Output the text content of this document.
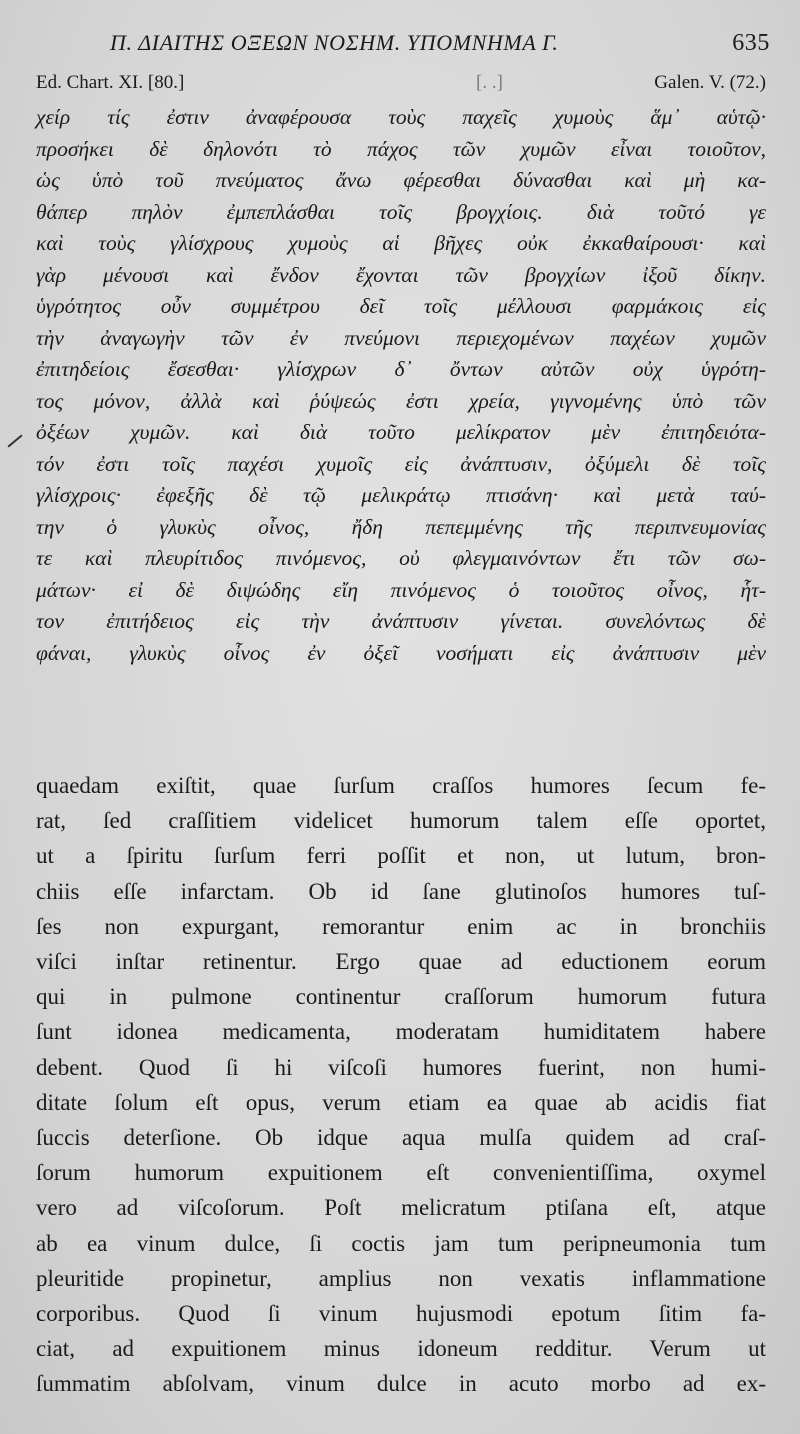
Π. ΔΙΑΙΤΗΣ ΟΞΕΩΝ ΝΟΣΗΜ. ΥΠΟΜΝΗΜΑ Γ.	635
Ed. Chart. XI. [80.]	[. .]	Galen. V. (72.)
χείρ τίς ἐστιν ἀναφέρουσα τοὺς παχεῖς χυμοὺς ἅμ᾽ αὑτῷ·
προσήκει δὲ δηλονότι τὸ πάχος τῶν χυμῶν εἶναι τοιοῦτον,
ὡς ὑπὸ τοῦ πνεύματος ἄνω φέρεσθαι δύνασθαι καὶ μὴ κα-
θάπερ πηλὸν ἐμπεπλάσθαι τοῖς βρογχίοις. διὰ τοῦτό γε
καὶ τοὺς γλίσχρους χυμοὺς αἱ βῆχες οὐκ ἐκκαθαίρουσι· καὶ
γὰρ μένουσι καὶ ἔνδον ἔχονται τῶν βρογχίων ἰξοῦ δίκην.
ὑγρότητος οὖν συμμέτρου δεῖ τοῖς μέλλουσι φαρμάκοις εἰς
τὴν ἀναγωγὴν τῶν ἐν πνεύμονι περιεχομένων παχέων χυμῶν
ἐπιτηδείοις ἔσεσθαι· γλίσχρων δ᾽ ὄντων αὐτῶν οὐχ ὑγρότη-
τος μόνον, ἀλλὰ καὶ ῥύψεώς ἐστι χρεία, γιγνομένης ὑπὸ τῶν
ὀξέων χυμῶν. καὶ διὰ τοῦτο μελίκρατον μὲν ἐπιτηδειότα-
τόν ἐστι τοῖς παχέσι χυμοῖς εἰς ἀνάπτυσιν, ὀξύμελι δὲ τοῖς
γλίσχροις· ἐφεξῆς δὲ τῷ μελικράτῳ πτισάνη· καὶ μετὰ ταύ-
την ὁ γλυκὺς οἶνος, ἤδη πεπεμμένης τῆς περιπνευμονίας
τε καὶ πλευρίτιδος πινόμενος, οὐ φλεγμαινόντων ἔτι τῶν σω-
μάτων· εἰ δὲ διψώδης εἴη πινόμενος ὁ τοιοῦτος οἶνος, ἧτ-
τον ἐπιτήδειος εἰς τὴν ἀνάπτυσιν γίνεται. συνελόντως δὲ
φάναι, γλυκὺς οἶνος ἐν ὀξεῖ νοσήματι εἰς ἀνάπτυσιν μὲν
quaedam exiſtit, quae ſurſum craſſos humores ſecum fe-
rat, ſed craſſitiem videlicet humorum talem eſſe oportet,
ut a ſpiritu ſurſum ferri poſſit et non, ut lutum, bron-
chiis eſſe infarctam. Ob id ſane glutinoſos humores tuſ-
ſes non expurgant, remorantur enim ac in bronchiis
viſci inſtar retinentur. Ergo quae ad eductionem eorum
qui in pulmone continentur craſſorum humorum futura
ſunt idonea medicamenta, moderatam humiditatem habere
debent. Quod ſi hi viſcoſi humores fuerint, non humi-
ditate ſolum eſt opus, verum etiam ea quae ab acidis fiat
ſuccis deterſione. Ob idque aqua mulſa quidem ad craſ-
ſorum humorum expuitionem eſt convenientiſſima, oxymel
vero ad viſcoſorum. Poſt melicratum ptiſana eſt, atque
ab ea vinum dulce, ſi coctis jam tum peripneumonia tum
pleuritide propinetur, amplius non vexatis inflammatione
corporibus. Quod ſi vinum hujusmodi epotum ſitim fa-
ciat, ad expuitionem minus idoneum redditur. Verum ut
ſummatim abſolvam, vinum dulce in acuto morbo ad ex-
